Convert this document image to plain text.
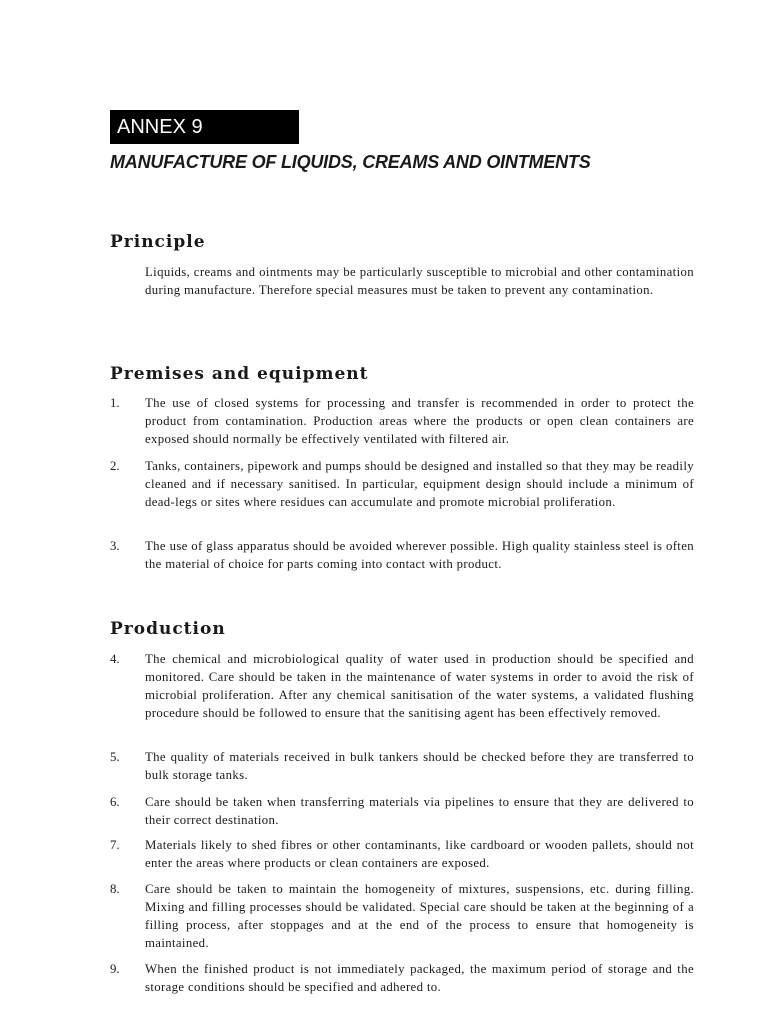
ANNEX 9
MANUFACTURE OF LIQUIDS, CREAMS AND OINTMENTS
Principle
Liquids, creams and ointments may be particularly susceptible to microbial and other contamination during manufacture. Therefore special measures must be taken to prevent any contamination.
Premises and equipment
1. The use of closed systems for processing and transfer is recommended in order to protect the product from contamination. Production areas where the products or open clean containers are exposed should normally be effectively ventilated with filtered air.
2. Tanks, containers, pipework and pumps should be designed and installed so that they may be readily cleaned and if necessary sanitised. In particular, equipment design should include a minimum of dead-legs or sites where residues can accumulate and promote microbial proliferation.
3. The use of glass apparatus should be avoided wherever possible. High quality stainless steel is often the material of choice for parts coming into contact with product.
Production
4. The chemical and microbiological quality of water used in production should be specified and monitored. Care should be taken in the maintenance of water systems in order to avoid the risk of microbial proliferation. After any chemical sanitisation of the water systems, a validated flushing procedure should be followed to ensure that the sanitising agent has been effectively removed.
5. The quality of materials received in bulk tankers should be checked before they are transferred to bulk storage tanks.
6. Care should be taken when transferring materials via pipelines to ensure that they are delivered to their correct destination.
7. Materials likely to shed fibres or other contaminants, like cardboard or wooden pallets, should not enter the areas where products or clean containers are exposed.
8. Care should be taken to maintain the homogeneity of mixtures, suspensions, etc. during filling. Mixing and filling processes should be validated. Special care should be taken at the beginning of a filling process, after stoppages and at the end of the process to ensure that homogeneity is maintained.
9. When the finished product is not immediately packaged, the maximum period of storage and the storage conditions should be specified and adhered to.
